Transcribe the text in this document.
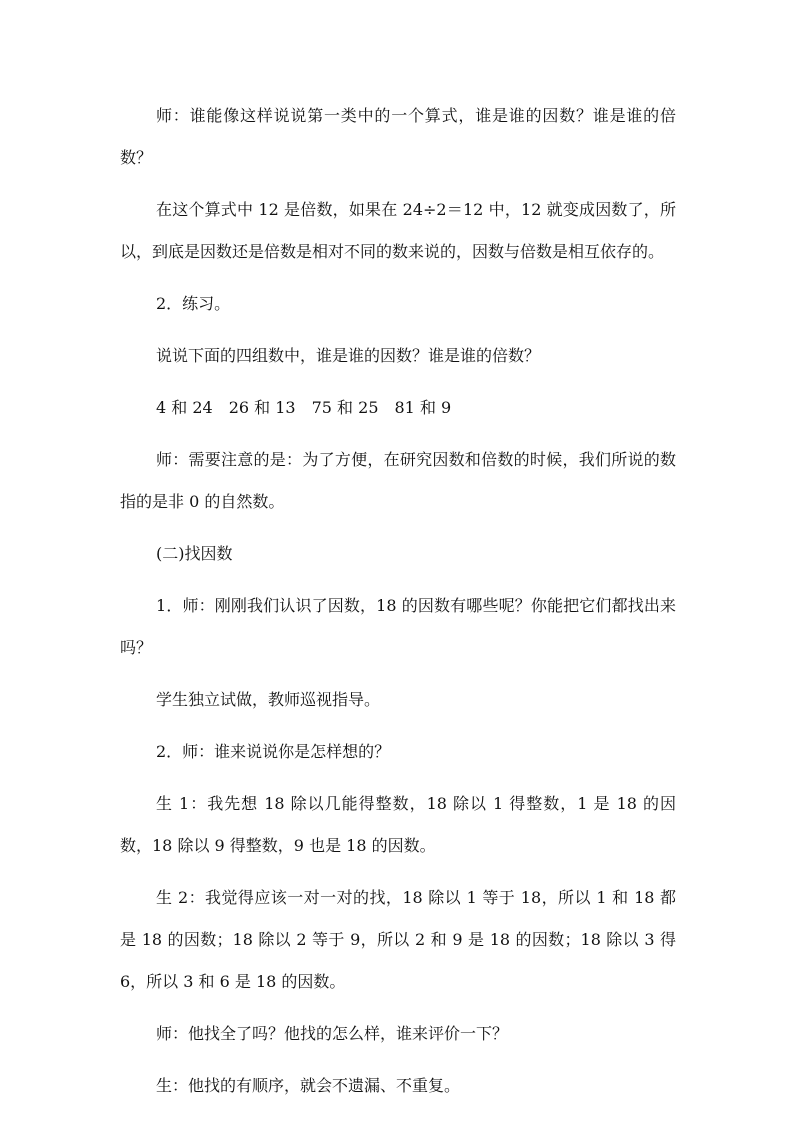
师：谁能像这样说说第一类中的一个算式，谁是谁的因数？谁是谁的倍数？

在这个算式中 12 是倍数，如果在 24÷2＝12 中，12 就变成因数了，所以，到底是因数还是倍数是相对不同的数来说的，因数与倍数是相互依存的。

2．练习。

说说下面的四组数中，谁是谁的因数？谁是谁的倍数？

4 和 24　26 和 13　75 和 25　81 和 9

师：需要注意的是：为了方便，在研究因数和倍数的时候，我们所说的数指的是非 0 的自然数。

(二)找因数

1．师：刚刚我们认识了因数，18 的因数有哪些呢？你能把它们都找出来吗？

学生独立试做，教师巡视指导。

2．师：谁来说说你是怎样想的？

生 1：我先想 18 除以几能得整数，18 除以 1 得整数，1 是 18 的因数，18 除以 9 得整数，9 也是 18 的因数。

生 2：我觉得应该一对一对的找，18 除以 1 等于 18，所以 1 和 18 都是 18 的因数；18 除以 2 等于 9，所以 2 和 9 是 18 的因数；18 除以 3 得 6，所以 3 和 6 是 18 的因数。

师：他找全了吗？他找的怎么样，谁来评价一下？

生：他找的有顺序，就会不遗漏、不重复。
